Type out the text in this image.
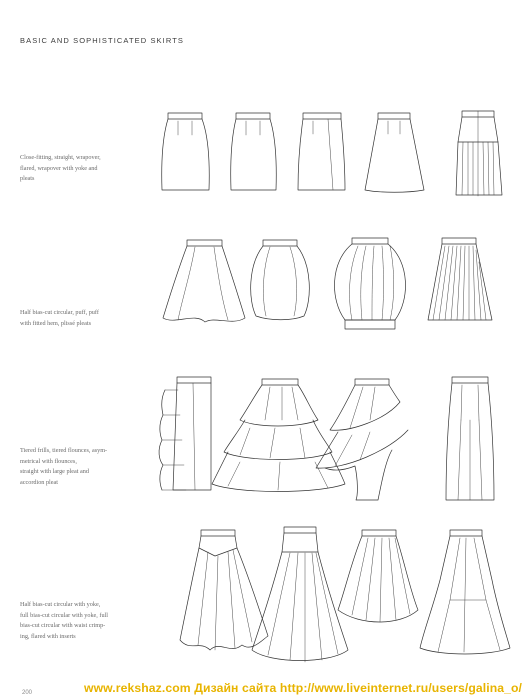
BASIC AND SOPHISTICATED SKIRTS
Close-fitting, straight, wrapover,
flared, wrapover with yoke and
pleats
Half bias-cut circular, puff, puff
with fitted hem, plissé pleats
Tiered frills, tiered flounces, asym-
metrical with flounces,
straight with large pleat and
accordion pleat
Half bias-cut circular with yoke,
full bias-cut circular with yoke, full
bias-cut circular with waist crimp-
ing, flared with inserts
200	www.rekshaz.com Дизайн сайта http://www.liveinternet.ru/users/galina_o/
